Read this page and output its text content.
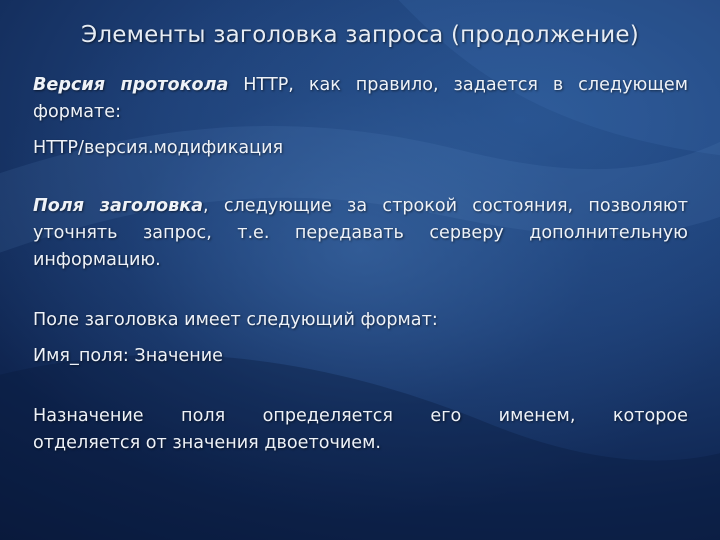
Элементы заголовка запроса (продолжение)

Версия протокола HTTP, как правило, задается в следующем формате:

HTTP/версия.модификация

Поля заголовка, следующие за строкой состояния, позволяют уточнять запрос, т.е. передавать серверу дополнительную информацию.

Поле заголовка имеет следующий формат:

Имя_поля: Значение

Назначение поля определяется его именем, которое

отделяется от значения двоеточием.
